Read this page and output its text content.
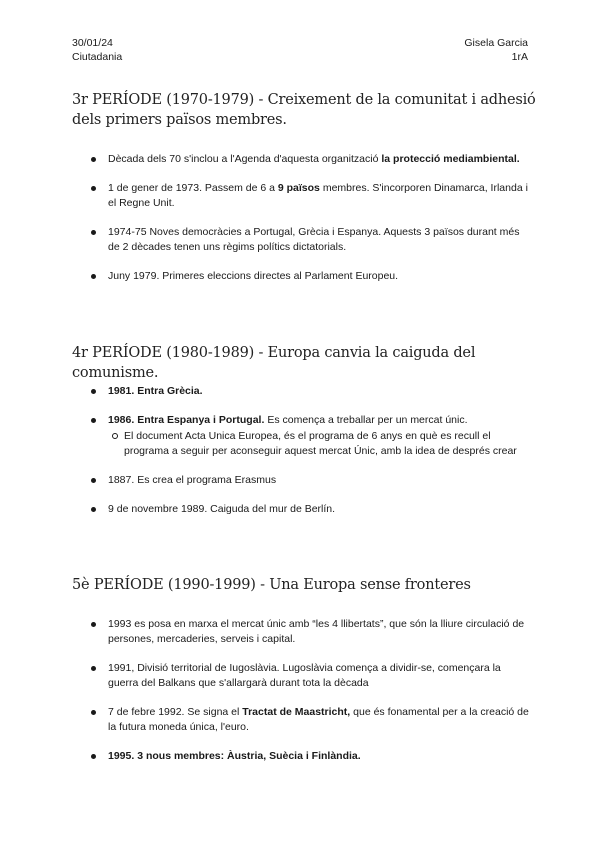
30/01/24
Ciutadania
Gisela Garcia
1rA
3r PERÍODE (1970-1979) - Creixement de la comunitat i adhesió dels primers països membres.
Dècada dels 70 s'inclou a l'Agenda d'aquesta organització la protecció mediambiental.
1 de gener de 1973. Passem de 6 a 9 països membres. S'incorporen Dinamarca, Irlanda i el Regne Unit.
1974-75 Noves democràcies a Portugal, Grècia i Espanya. Aquests 3 països durant més de 2 dècades tenen uns règims polítics dictatorials.
Juny 1979. Primeres eleccions directes al Parlament Europeu.
4r PERÍODE (1980-1989) - Europa canvia la caiguda del comunisme.
1981. Entra Grècia.
1986. Entra Espanya i Portugal. Es comença a treballar per un mercat únic.
El document Acta Unica Europea, és el programa de 6 anys en què es recull el programa a seguir per aconseguir aquest mercat Únic, amb la idea de després crear
1887. Es crea el programa Erasmus
9 de novembre 1989. Caiguda del mur de Berlín.
5è PERÍODE (1990-1999) - Una Europa sense fronteres
1993 es posa en marxa el mercat únic amb “les 4 llibertats”, que són la lliure circulació de persones, mercaderies, serveis i capital.
1991, Divisió territorial de Iugoslàvia. Lugoslàvia comença a dividir-se, començara la guerra del Balkans que s'allargarà durant tota la dècada
7 de febre 1992. Se signa el Tractat de Maastricht, que és fonamental per a la creació de la futura moneda única, l'euro.
1995. 3 nous membres: Àustria, Suècia i Finlàndia.
